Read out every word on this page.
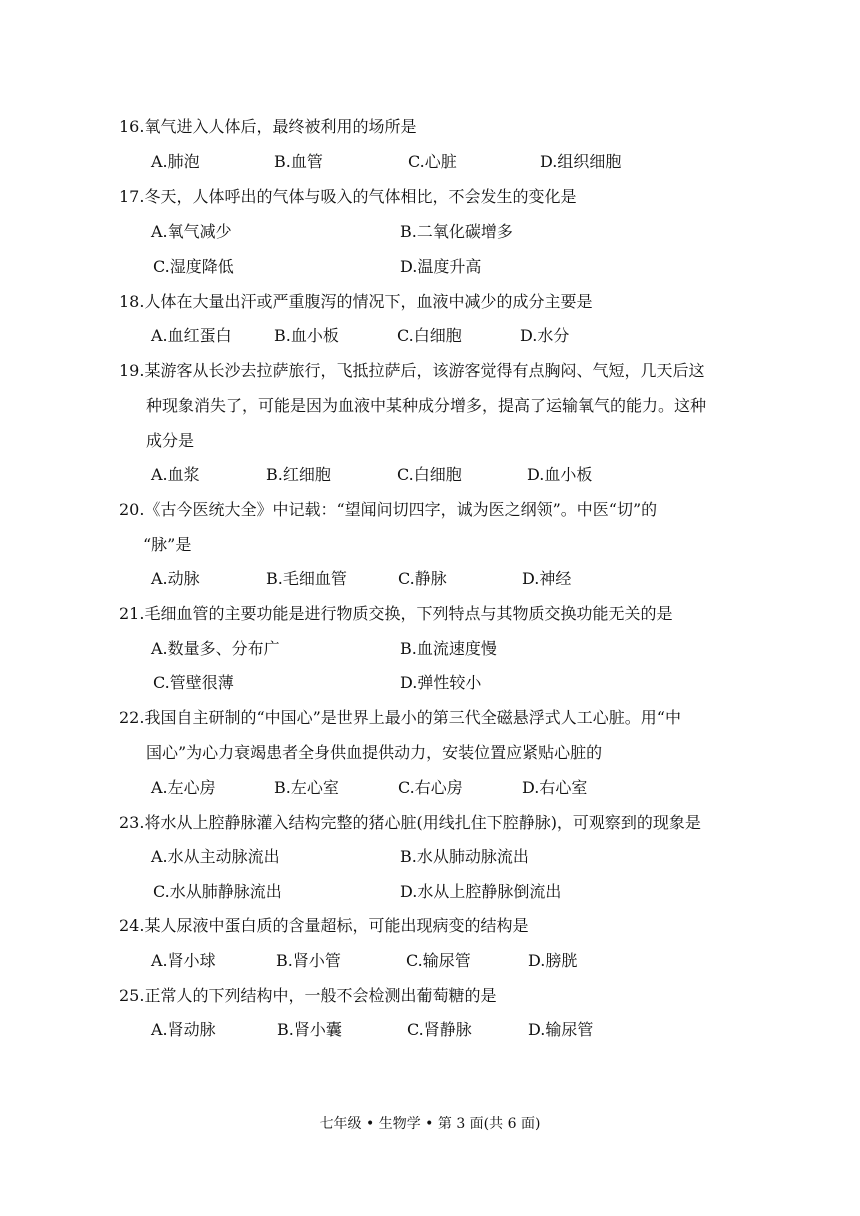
16.氧气进入人体后，最终被利用的场所是
A.肺泡	B.血管	C.心脏	D.组织细胞
17.冬天，人体呼出的气体与吸入的气体相比，不会发生的变化是
A.氧气减少	B.二氧化碳增多
C.湿度降低	D.温度升高
18.人体在大量出汗或严重腹泻的情况下，血液中减少的成分主要是
A.血红蛋白	B.血小板	C.白细胞	D.水分
19.某游客从长沙去拉萨旅行，飞抵拉萨后，该游客觉得有点胸闷、气短，几天后这
种现象消失了，可能是因为血液中某种成分增多，提高了运输氧气的能力。这种
成分是
A.血浆	B.红细胞	C.白细胞	D.血小板
20.《古今医统大全》中记载：“望闻问切四字，诚为医之纲领”。中医“切”的
“脉”是
A.动脉	B.毛细血管	C.静脉	D.神经
21.毛细血管的主要功能是进行物质交换，下列特点与其物质交换功能无关的是
A.数量多、分布广	B.血流速度慢
C.管壁很薄	D.弹性较小
22.我国自主研制的“中国心”是世界上最小的第三代全磁悬浮式人工心脏。用“中
国心”为心力衰竭患者全身供血提供动力，安装位置应紧贴心脏的
A.左心房	B.左心室	C.右心房	D.右心室
23.将水从上腔静脉灌入结构完整的猪心脏(用线扎住下腔静脉)，可观察到的现象是
A.水从主动脉流出	B.水从肺动脉流出
C.水从肺静脉流出	D.水从上腔静脉倒流出
24.某人尿液中蛋白质的含量超标，可能出现病变的结构是
A.肾小球	B.肾小管	C.输尿管	D.膀胱
25.正常人的下列结构中，一般不会检测出葡萄糖的是
A.肾动脉	B.肾小囊	C.肾静脉	D.输尿管
七年级 • 生物学 • 第 3 面(共 6 面)
